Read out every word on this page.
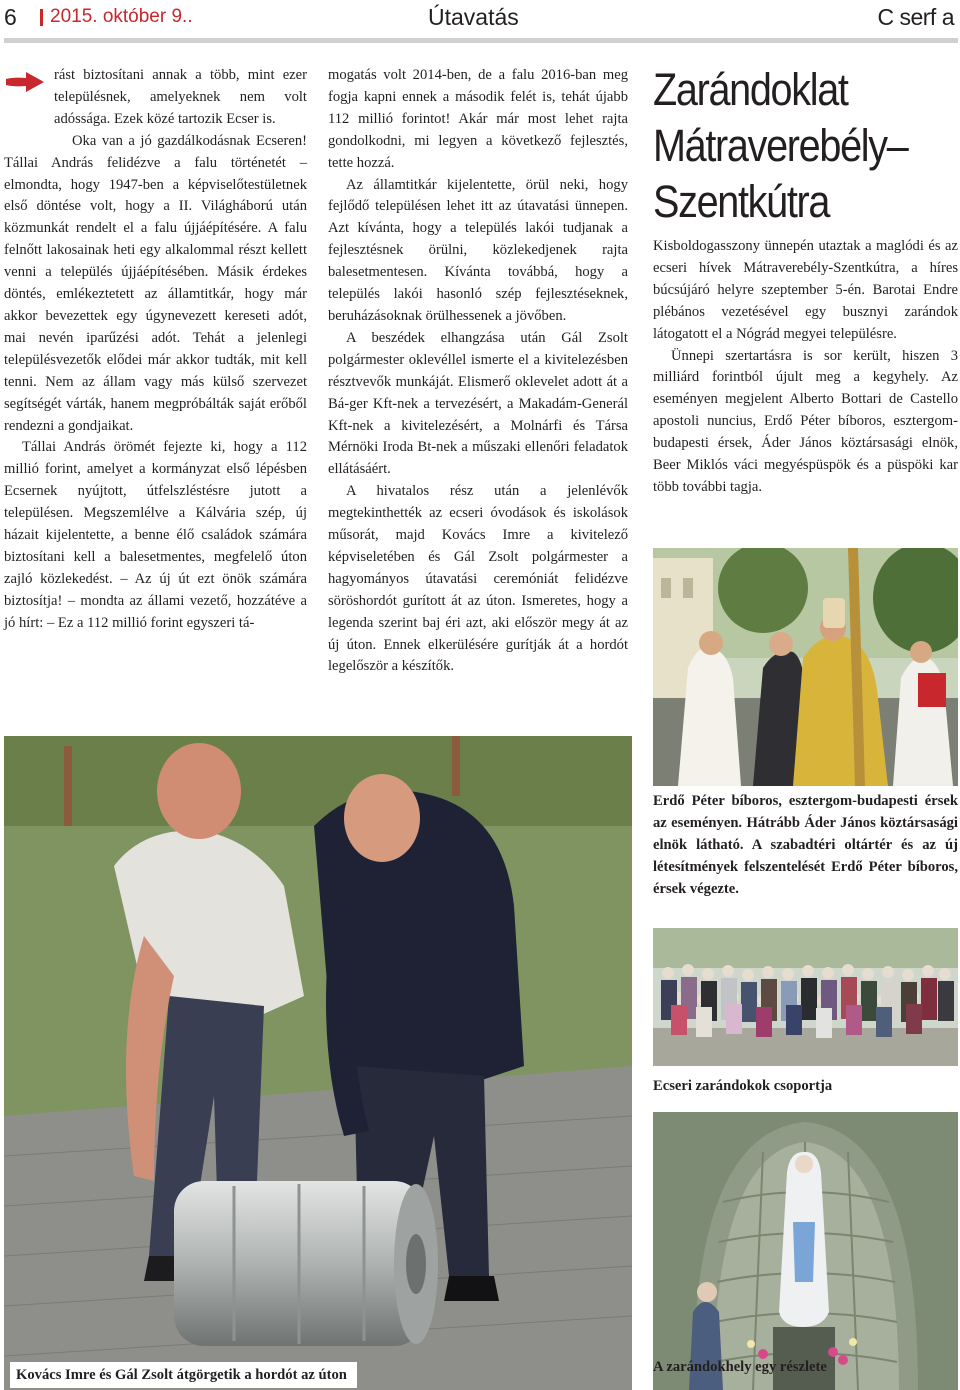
6 2015. október 9..	Útavatás	C serf a

rást biztosítani annak a több, mint ezer településnek, amelyeknek nem volt adóssága. Ezek közé tartozik Ecser is.

Oka van a jó gazdálkodásnak Ecseren! Tállai András felidézve a falu történetét – elmondta, hogy 1947-ben a képviselőtestületnek első döntése volt, hogy a II. Világháború után közmunkát rendelt el a falu újjáépítésére. A falu felnőtt lakosainak heti egy alkalommal részt kellett venni a település újjáépítésében. Másik érdekes döntés, emlékeztetett az államtitkár, hogy már akkor bevezettek egy úgynevezett kereseti adót, mai nevén iparűzési adót. Tehát a jelenlegi településvezetők elődei már akkor tudták, mit kell tenni. Nem az állam vagy más külső szervezet segítségét várták, hanem megpróbálták saját erőből rendezni a gondjaikat.

Tállai András örömét fejezte ki, hogy a 112 millió forint, amelyet a kormányzat első lépésben Ecsernek nyújtott, útfelszléstésre jutott a településen. Megszemlélve a Kálvária szép, új házait kijelentette, a benne élő családok számára biztosítani kell a balesetmentes, megfelelő úton zajló közlekedést. – Az új út ezt önök számára biztosítja! – mondta az állami vezető, hozzátéve a jó hírt: – Ez a 112 millió forint egyszeri tá-

mogatás volt 2014-ben, de a falu 2016-ban meg fogja kapni ennek a második felét is, tehát újabb 112 millió forintot! Akár már most lehet rajta gondolkodni, mi legyen a következő fejlesztés, tette hozzá.

Az államtitkár kijelentette, örül neki, hogy fejlődő településen lehet itt az útavatási ünnepen. Azt kívánta, hogy a település lakói tudjanak a fejlesztésnek örülni, közlekedjenek rajta balesetmentesen. Kívánta továbbá, hogy a település lakói hasonló szép fejlesztéseknek, beruházásoknak örülhessenek a jövőben.

A beszédek elhangzása után Gál Zsolt polgármester oklevéllel ismerte el a kivitelezésben résztvevők munkáját. Elismerő oklevelet adott át a Bá-ger Kft-nek a tervezésért, a Makadám-Generál Kft-nek a kivitelezésért, a Molnárfi és Társa Mérnöki Iroda Bt-nek a műszaki ellenőri feladatok ellátásáért.

A hivatalos rész után a jelenlévők megtekinthették az ecseri óvodások és iskolások műsorát, majd Kovács Imre a kivitelező képviseletében és Gál Zsolt polgármester a hagyományos útavatási ceremóniát felidézve söröshordót gurított át az úton. Ismeretes, hogy a legenda szerint baj éri azt, aki először megy át az új úton. Ennek elkerülésére gurítják át a hordót legelőször a készítők.

Zarándoklat
Mátraverebély–
Szentkútra

Kisboldogasszony ünnepén utaztak a maglódi és az ecseri hívek Mátraverebély-Szentkútra, a híres búcsújáró helyre szeptember 5-én. Barotai Endre plébános vezetésével egy busznyi zarándok látogatott el a Nógrád megyei településre.

Ünnepi szertartásra is sor került, hiszen 3 milliárd forintból újult meg a kegyhely. Az eseményen megjelent Alberto Bottari de Castello apostoli nuncius, Erdő Péter bíboros, esztergom-budapesti érsek, Áder János köztársasági elnök, Beer Miklós váci megyéspüspök és a püspöki kar több további tagja.

Erdő Péter bíboros, esztergom-budapesti érsek az eseményen. Hátrább Áder János köztársasági elnök látható. A szabadtéri oltártér és az új létesítmények felszentelését Erdő Péter bíboros, érsek végezte.
Ecseri zarándokok csoportja
A zarándokhely egy részlete
Kovács Imre és Gál Zsolt átgörgetik a hordót az úton
